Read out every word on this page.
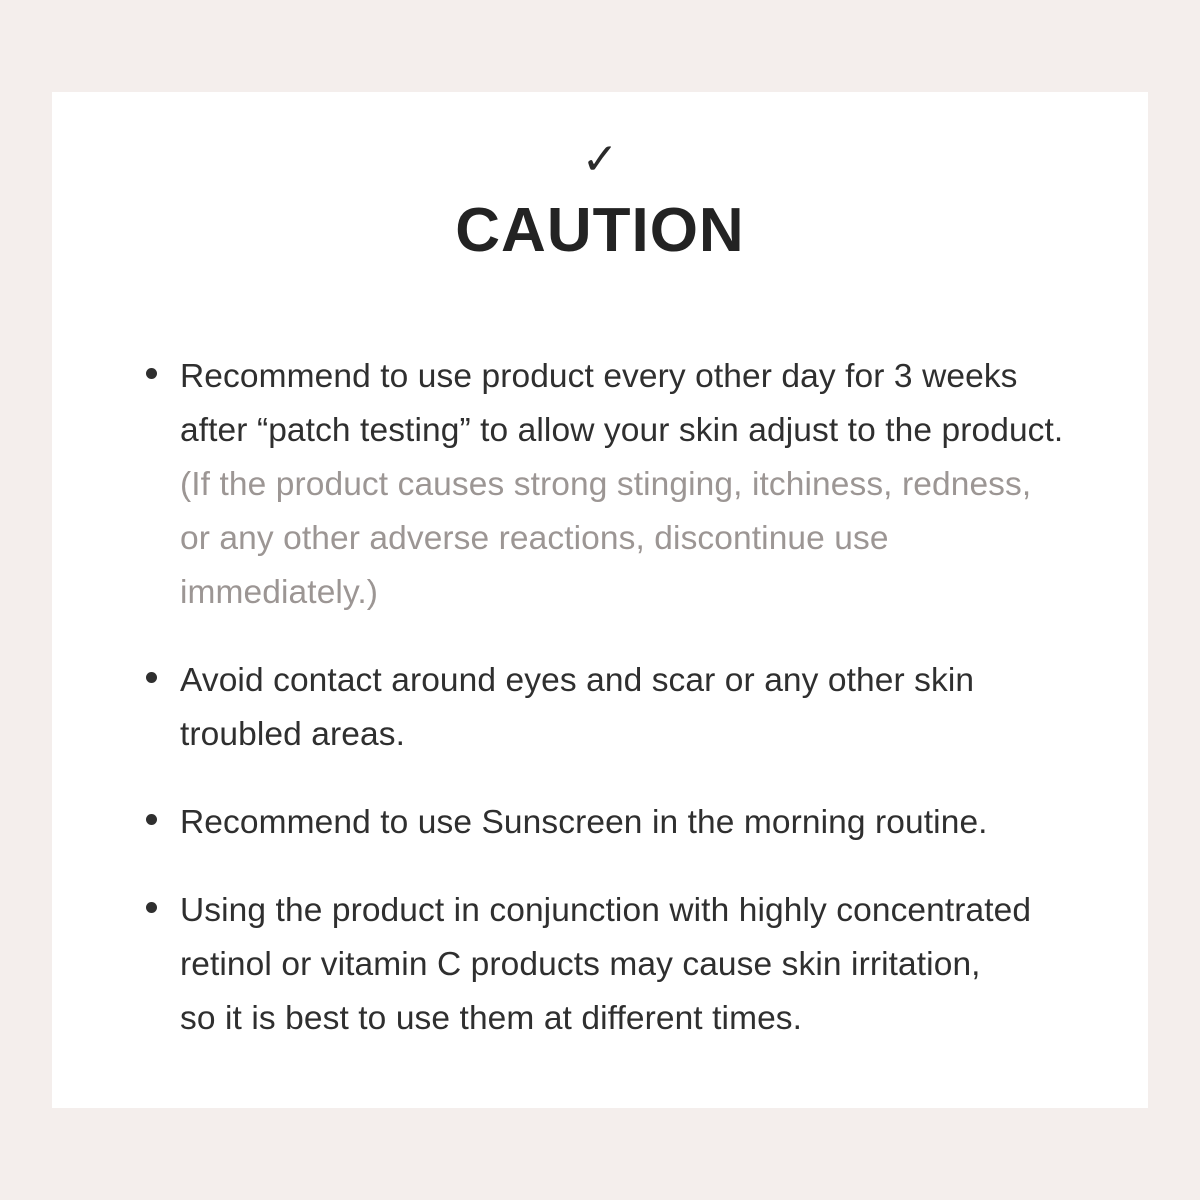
✓
CAUTION
Recommend to use product every other day for 3 weeks
after “patch testing” to allow your skin adjust to the product.
(If the product causes strong stinging, itchiness, redness,
or any other adverse reactions, discontinue use
immediately.)
Avoid contact around eyes and scar or any other skin
troubled areas.
Recommend to use Sunscreen in the morning routine.
Using the product in conjunction with highly concentrated
retinol or vitamin C products may cause skin irritation,
so it is best to use them at different times.
